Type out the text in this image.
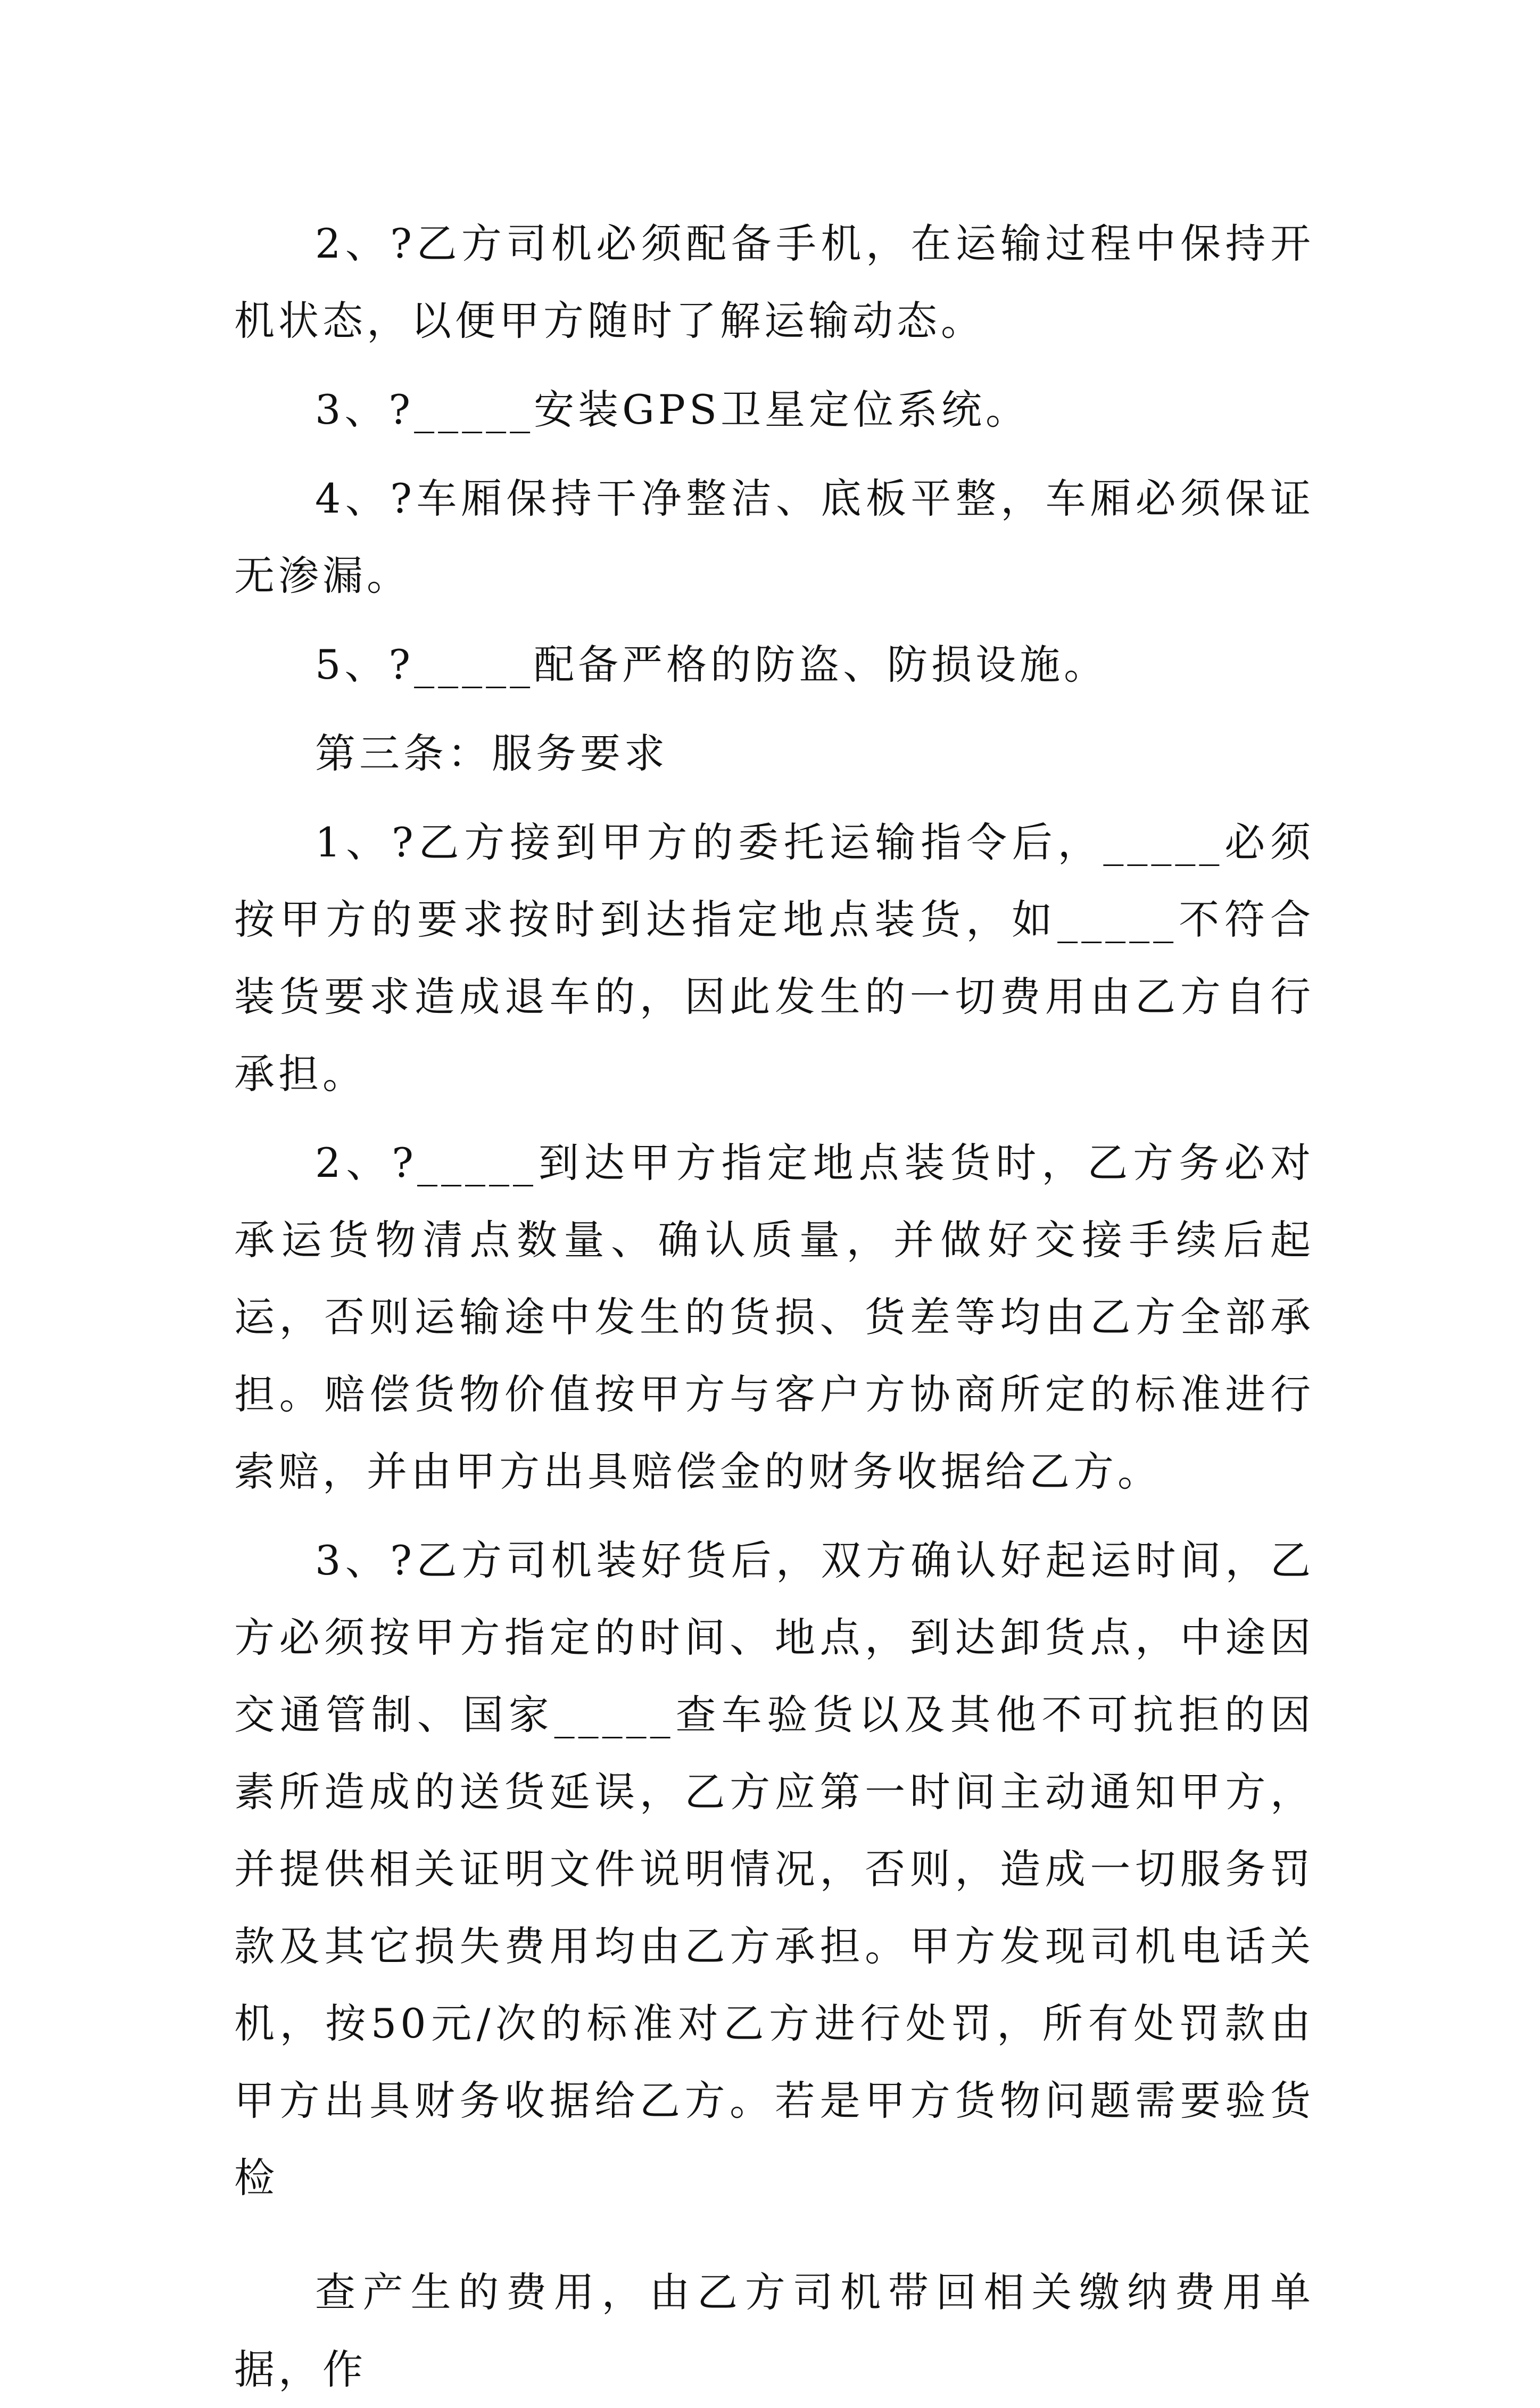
2、?乙方司机必须配备手机，在运输过程中保持开机状态，以便甲方随时了解运输动态。

3、?_____安装GPS卫星定位系统。

4、?车厢保持干净整洁、底板平整，车厢必须保证无渗漏。

5、?_____配备严格的防盗、防损设施。

第三条：服务要求

1、?乙方接到甲方的委托运输指令后，_____必须按甲方的要求按时到达指定地点装货，如_____不符合装货要求造成退车的，因此发生的一切费用由乙方自行承担。

2、?_____到达甲方指定地点装货时，乙方务必对承运货物清点数量、确认质量，并做好交接手续后起运，否则运输途中发生的货损、货差等均由乙方全部承担。赔偿货物价值按甲方与客户方协商所定的标准进行索赔，并由甲方出具赔偿金的财务收据给乙方。

3、?乙方司机装好货后，双方确认好起运时间，乙方必须按甲方指定的时间、地点，到达卸货点，中途因交通管制、国家_____查车验货以及其他不可抗拒的因素所造成的送货延误，乙方应第一时间主动通知甲方，并提供相关证明文件说明情况，否则，造成一切服务罚款及其它损失费用均由乙方承担。甲方发现司机电话关机，按50元/次的标准对乙方进行处罚，所有处罚款由甲方出具财务收据给乙方。若是甲方货物问题需要验货检

查产生的费用，由乙方司机带回相关缴纳费用单据，作
